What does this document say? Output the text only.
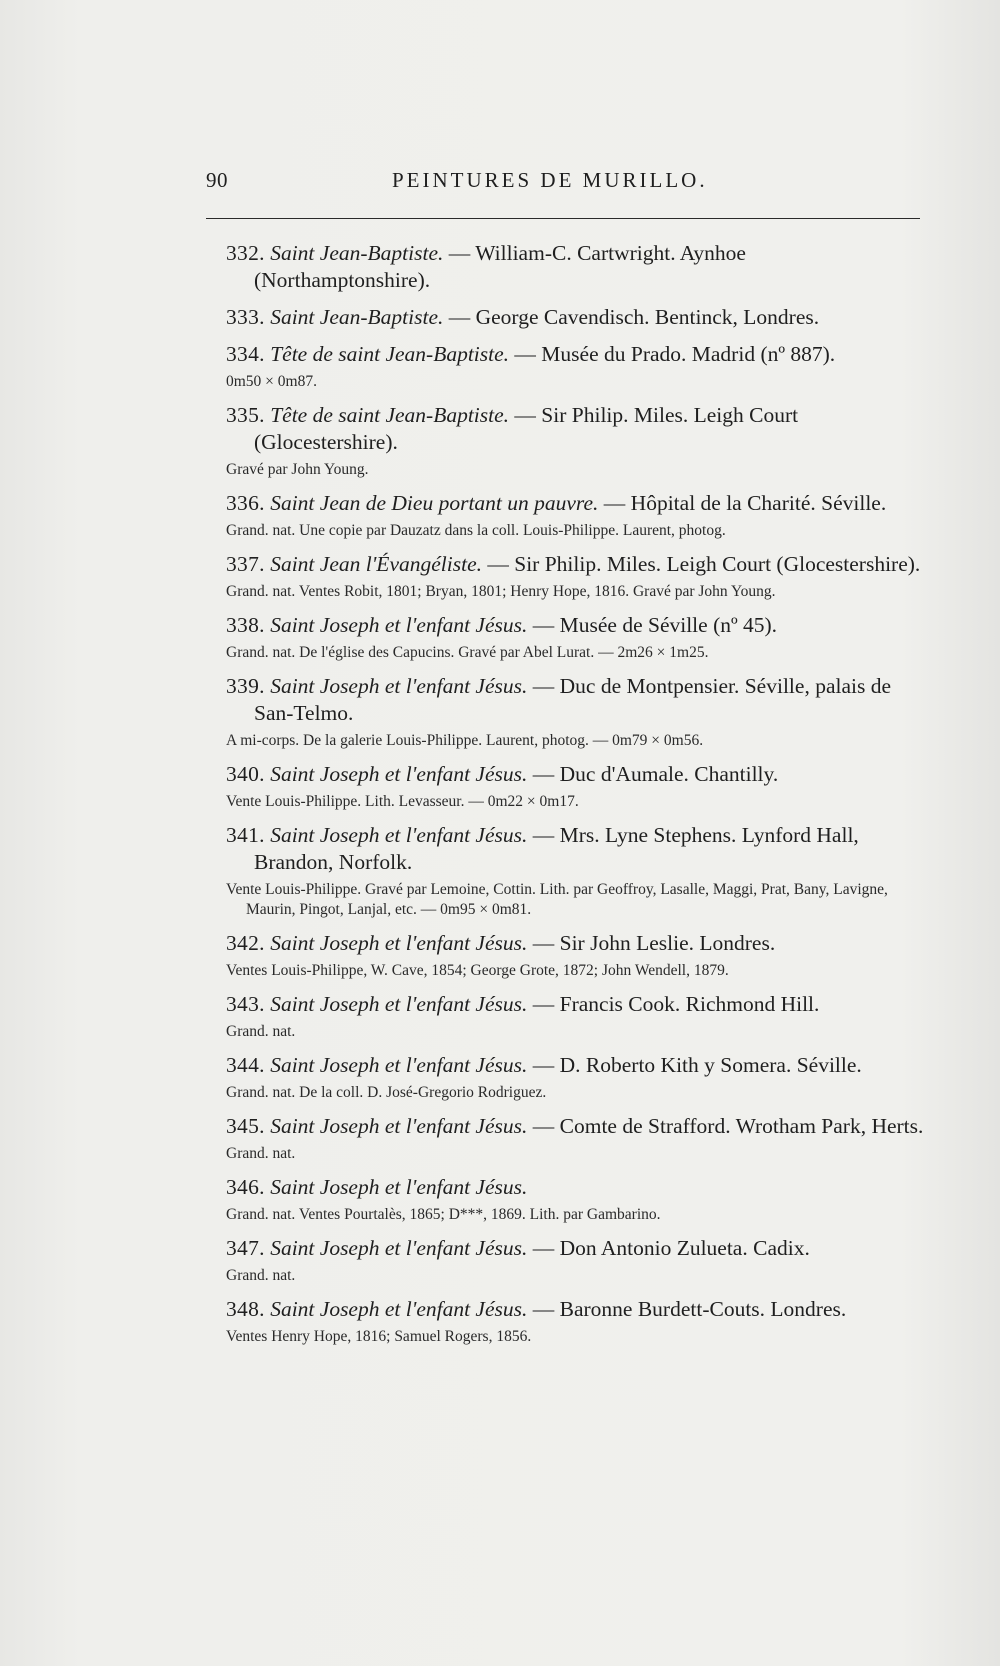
90	PEINTURES DE MURILLO.
332. Saint Jean-Baptiste. — William-C. Cartwright. Aynhoe (Northamptonshire).
333. Saint Jean-Baptiste. — George Cavendisch. Bentinck, Londres.
334. Tête de saint Jean-Baptiste. — Musée du Prado. Madrid (nº 887).
0m50 × 0m87.
335. Tête de saint Jean-Baptiste. — Sir Philip. Miles. Leigh Court (Glocestershire).
Gravé par John Young.
336. Saint Jean de Dieu portant un pauvre. — Hôpital de la Charité. Séville.
Grand. nat. Une copie par Dauzatz dans la coll. Louis-Philippe. Laurent, photog.
337. Saint Jean l'Évangéliste. — Sir Philip. Miles. Leigh Court (Glocestershire).
Grand. nat. Ventes Robit, 1801; Bryan, 1801; Henry Hope, 1816. Gravé par John Young.
338. Saint Joseph et l'enfant Jésus. — Musée de Séville (nº 45).
Grand. nat. De l'église des Capucins. Gravé par Abel Lurat. — 2m26 × 1m25.
339. Saint Joseph et l'enfant Jésus. — Duc de Montpensier. Séville, palais de San-Telmo.
A mi-corps. De la galerie Louis-Philippe. Laurent, photog. — 0m79 × 0m56.
340. Saint Joseph et l'enfant Jésus. — Duc d'Aumale. Chantilly.
Vente Louis-Philippe. Lith. Levasseur. — 0m22 × 0m17.
341. Saint Joseph et l'enfant Jésus. — Mrs. Lyne Stephens. Lynford Hall, Brandon, Norfolk.
Vente Louis-Philippe. Gravé par Lemoine, Cottin. Lith. par Geoffroy, Lasalle, Maggi, Prat, Bany, Lavigne, Maurin, Pingot, Lanjal, etc. — 0m95 × 0m81.
342. Saint Joseph et l'enfant Jésus. — Sir John Leslie. Londres.
Ventes Louis-Philippe, W. Cave, 1854; George Grote, 1872; John Wendell, 1879.
343. Saint Joseph et l'enfant Jésus. — Francis Cook. Richmond Hill.
Grand. nat.
344. Saint Joseph et l'enfant Jésus. — D. Roberto Kith y Somera. Séville.
Grand. nat. De la coll. D. José-Gregorio Rodriguez.
345. Saint Joseph et l'enfant Jésus. — Comte de Strafford. Wrotham Park, Herts.
Grand. nat.
346. Saint Joseph et l'enfant Jésus.
Grand. nat. Ventes Pourtalès, 1865; D***, 1869. Lith. par Gambarino.
347. Saint Joseph et l'enfant Jésus. — Don Antonio Zulueta. Cadix.
Grand. nat.
348. Saint Joseph et l'enfant Jésus. — Baronne Burdett-Couts. Londres.
Ventes Henry Hope, 1816; Samuel Rogers, 1856.
